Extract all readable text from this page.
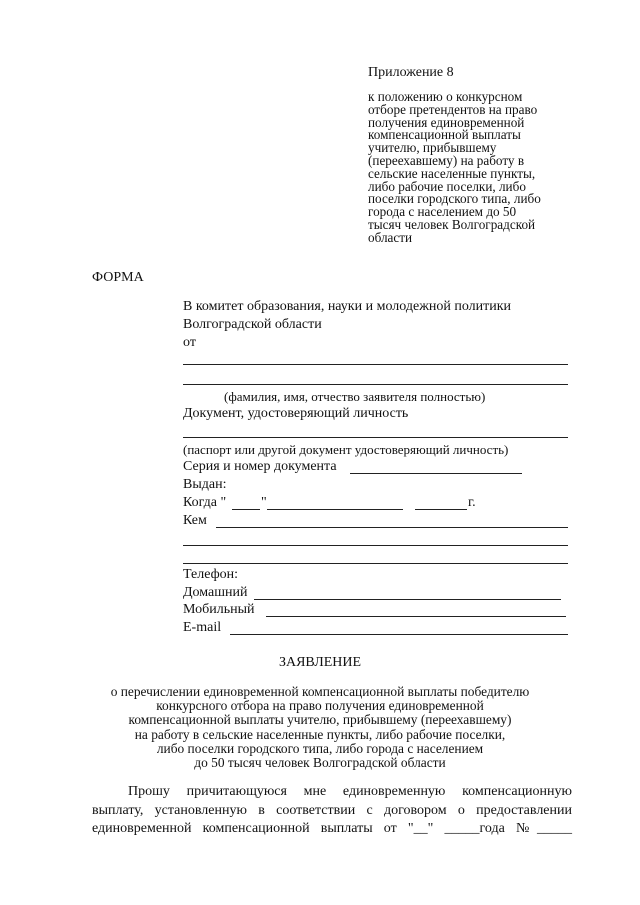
Приложение 8
к положению о конкурсном
отборе претендентов на право
получения единовременной
компенсационной выплаты
учителю, прибывшему
(переехавшему) на работу в
сельские населенные пункты,
либо рабочие поселки, либо
поселки городского типа, либо
города с населением до 50
тысяч человек Волгоградской
области
ФОРМА
В комитет образования, науки и молодежной политики
Волгоградской области
от
(фамилия, имя, отчество заявителя полностью)
Документ, удостоверяющий личность
(паспорт или другой документ удостоверяющий личность)
Серия и номер документа
Выдан:
Когда " "	г.
Кем
Телефон:
Домашний
Мобильный
E-mail
ЗАЯВЛЕНИЕ
о перечислении единовременной компенсационной выплаты победителю
конкурсного отбора на право получения единовременной
компенсационной выплаты учителю, прибывшему (переехавшему)
на работу в сельские населенные пункты, либо рабочие поселки,
либо поселки городского типа, либо города с населением
до 50 тысяч человек Волгоградской области
Прошу причитающуюся мне единовременную компенсационную
выплату, установленную в соответствии с договором о предоставлении
единовременной компенсационной выплаты от "__" _____года №_____
